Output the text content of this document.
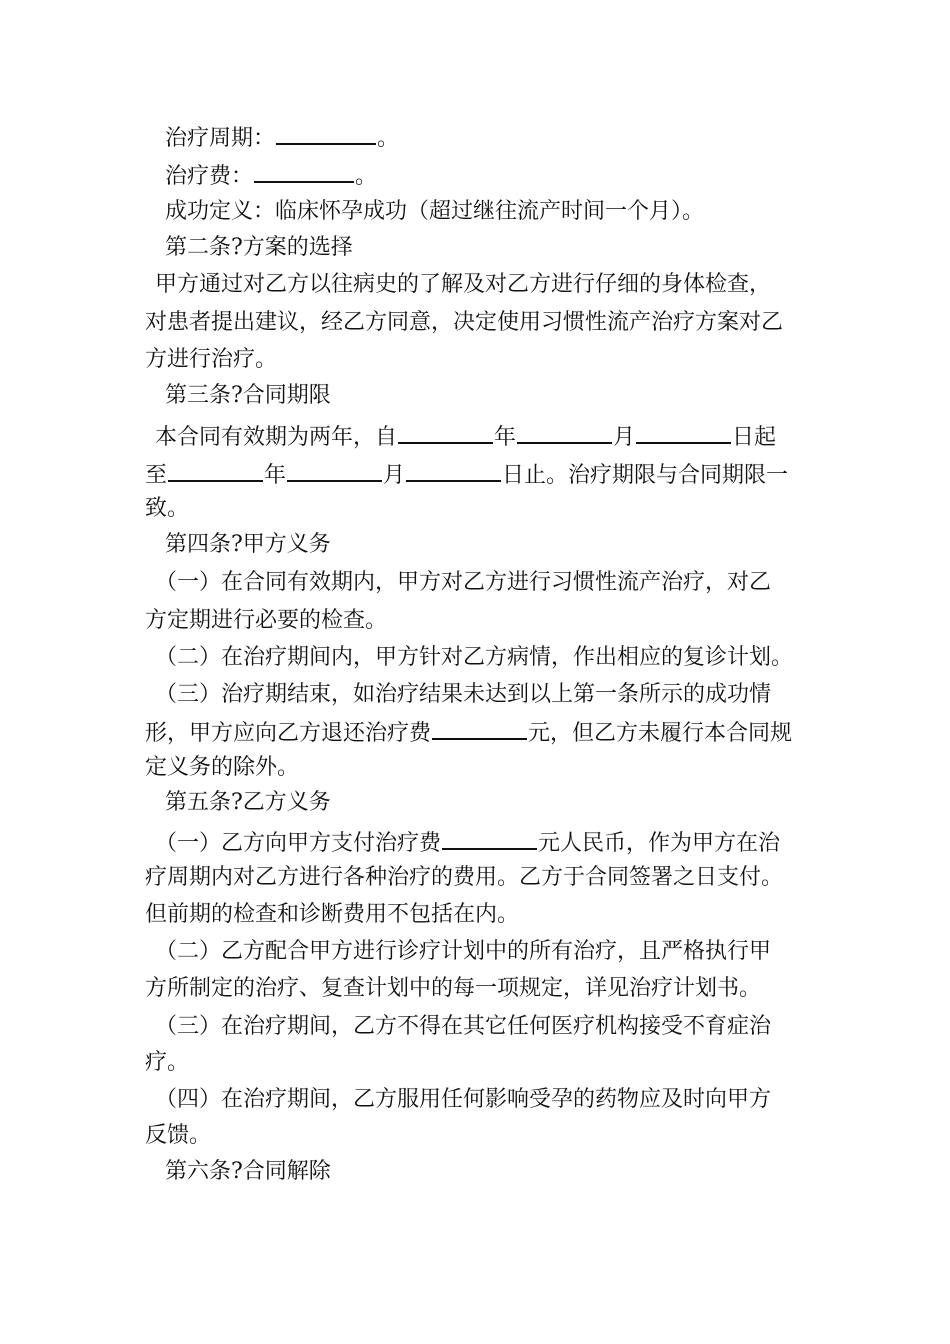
治疗周期：	。
治疗费：	。
成功定义：临床怀孕成功（超过继往流产时间一个月）。
第二条?方案的选择
甲方通过对乙方以往病史的了解及对乙方进行仔细的身体检查，
对患者提出建议，经乙方同意，决定使用习惯性流产治疗方案对乙
方进行治疗。
第三条?合同期限
本合同有效期为两年，自	年	月	日起
至	年	月	日止。治疗期限与合同期限一
致。
第四条?甲方义务
（一）在合同有效期内，甲方对乙方进行习惯性流产治疗，对乙
方定期进行必要的检查。
（二）在治疗期间内，甲方针对乙方病情，作出相应的复诊计划。
（三）治疗期结束，如治疗结果未达到以上第一条所示的成功情
形，甲方应向乙方退还治疗费	元，但乙方未履行本合同规
定义务的除外。
第五条?乙方义务
（一）乙方向甲方支付治疗费	元人民币，作为甲方在治
疗周期内对乙方进行各种治疗的费用。乙方于合同签署之日支付。
但前期的检查和诊断费用不包括在内。
（二）乙方配合甲方进行诊疗计划中的所有治疗，且严格执行甲
方所制定的治疗、复查计划中的每一项规定，详见治疗计划书。
（三）在治疗期间，乙方不得在其它任何医疗机构接受不育症治
疗。
（四）在治疗期间，乙方服用任何影响受孕的药物应及时向甲方
反馈。
第六条?合同解除
